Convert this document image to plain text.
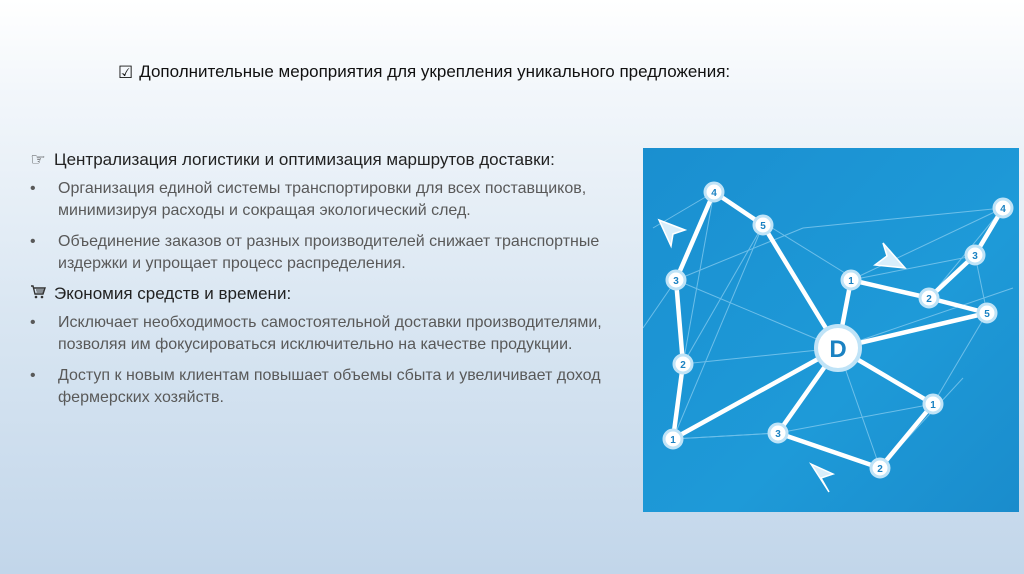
☑ Дополнительные мероприятия для укрепления уникального предложения:
☞ Централизация логистики и оптимизация маршрутов доставки:
•	Организация единой системы транспортировки для всех поставщиков, минимизируя расходы и сокращая экологический след.
•	Объединение заказов от разных производителей снижает транспортные издержки и упрощает процесс распределения.
Экономия средств и времени:
•	Исключает необходимость самостоятельной доставки производителями, позволяя им фокусироваться исключительно на качестве продукции.
•	Доступ к новым клиентам повышает объемы сбыта и увеличивает доход фермерских хозяйств.
4
5
3
2
1
1
2
3
4
5
1
3
2
D
